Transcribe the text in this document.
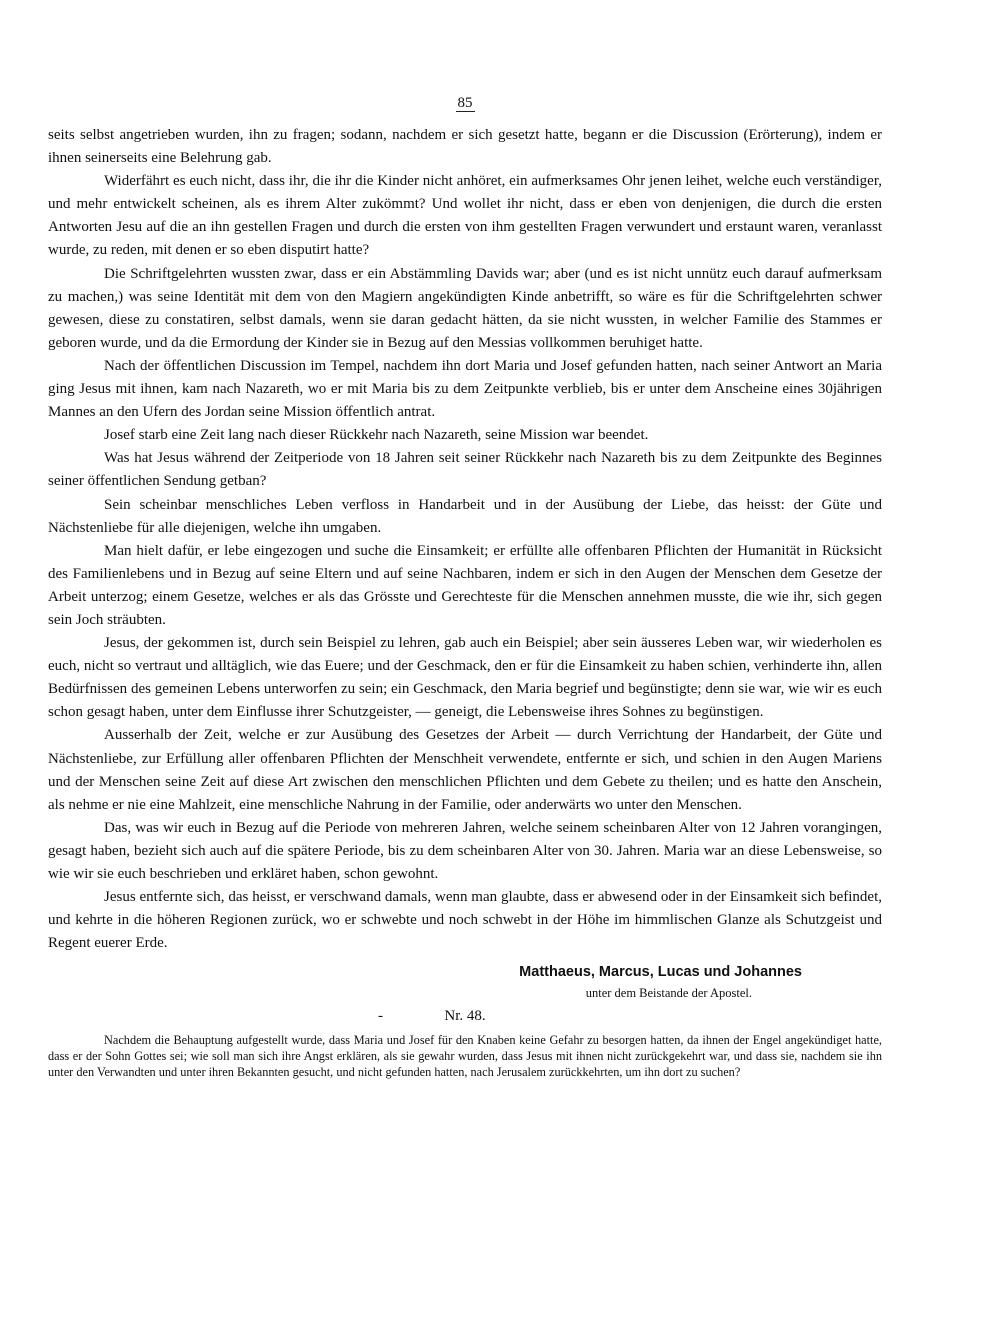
85

seits selbst angetrieben wurden, ihn zu fragen; sodann, nachdem er sich gesetzt hatte, begann er die Discussion (Erörterung), indem er ihnen seinerseits eine Belehrung gab.

Widerfährt es euch nicht, dass ihr, die ihr die Kinder nicht anhöret, ein aufmerksames Ohr jenen leihet, welche euch verständiger, und mehr entwickelt scheinen, als es ihrem Alter zukömmt? Und wollet ihr nicht, dass er eben von denjenigen, die durch die ersten Antworten Jesu auf die an ihn gestellen Fragen und durch die ersten von ihm gestellten Fragen verwundert und erstaunt waren, veranlasst wurde, zu reden, mit denen er so eben disputirt hatte?

Die Schriftgelehrten wussten zwar, dass er ein Abstämmling Davids war; aber (und es ist nicht unnütz euch darauf aufmerksam zu machen,) was seine Identität mit dem von den Magiern angekündigten Kinde anbetrifft, so wäre es für die Schriftgelehrten schwer gewesen, diese zu constatiren, selbst damals, wenn sie daran gedacht hätten, da sie nicht wussten, in welcher Familie des Stammes er geboren wurde, und da die Ermordung der Kinder sie in Bezug auf den Messias vollkommen beruhiget hatte.

Nach der öffentlichen Discussion im Tempel, nachdem ihn dort Maria und Josef gefunden hatten, nach seiner Antwort an Maria ging Jesus mit ihnen, kam nach Nazareth, wo er mit Maria bis zu dem Zeitpunkte verblieb, bis er unter dem Anscheine eines 30jährigen Mannes an den Ufern des Jordan seine Mission öffentlich antrat.

Josef starb eine Zeit lang nach dieser Rückkehr nach Nazareth, seine Mission war beendet.

Was hat Jesus während der Zeitperiode von 18 Jahren seit seiner Rückkehr nach Nazareth bis zu dem Zeitpunkte des Beginnes seiner öffentlichen Sendung getban?

Sein scheinbar menschliches Leben verfloss in Handarbeit und in der Ausübung der Liebe, das heisst: der Güte und Nächstenliebe für alle diejenigen, welche ihn umgaben.

Man hielt dafür, er lebe eingezogen und suche die Einsamkeit; er erfüllte alle offenbaren Pflichten der Humanität in Rücksicht des Familienlebens und in Bezug auf seine Eltern und auf seine Nachbaren, indem er sich in den Augen der Menschen dem Gesetze der Arbeit unterzog; einem Gesetze, welches er als das Grösste und Gerechteste für die Menschen annehmen musste, die wie ihr, sich gegen sein Joch sträubten.

Jesus, der gekommen ist, durch sein Beispiel zu lehren, gab auch ein Beispiel; aber sein äusseres Leben war, wir wiederholen es euch, nicht so vertraut und alltäglich, wie das Euere; und der Geschmack, den er für die Einsamkeit zu haben schien, verhinderte ihn, allen Bedürfnissen des gemeinen Lebens unterworfen zu sein; ein Geschmack, den Maria begrief und begünstigte; denn sie war, wie wir es euch schon gesagt haben, unter dem Einflusse ihrer Schutzgeister, — geneigt, die Lebensweise ihres Sohnes zu begünstigen.

Ausserhalb der Zeit, welche er zur Ausübung des Gesetzes der Arbeit — durch Verrichtung der Handarbeit, der Güte und Nächstenliebe, zur Erfüllung aller offenbaren Pflichten der Menschheit verwendete, entfernte er sich, und schien in den Augen Mariens und der Menschen seine Zeit auf diese Art zwischen den menschlichen Pflichten und dem Gebete zu theilen; und es hatte den Anschein, als nehme er nie eine Mahlzeit, eine menschliche Nahrung in der Familie, oder anderwärts wo unter den Menschen.

Das, was wir euch in Bezug auf die Periode von mehreren Jahren, welche seinem scheinbaren Alter von 12 Jahren vorangingen, gesagt haben, bezieht sich auch auf die spätere Periode, bis zu dem scheinbaren Alter von 30. Jahren. Maria war an diese Lebensweise, so wie wir sie euch beschrieben und erkläret haben, schon gewohnt.

Jesus entfernte sich, das heisst, er verschwand damals, wenn man glaubte, dass er abwesend oder in der Einsamkeit sich befindet, und kehrte in die höheren Regionen zurück, wo er schwebte und noch schwebt in der Höhe im himmlischen Glanze als Schutzgeist und Regent euerer Erde.

Matthaeus, Marcus, Lucas und Johannes
unter dem Beistande der Apostel.
-	Nr. 48.

Nachdem die Behauptung aufgestellt wurde, dass Maria und Josef für den Knaben keine Gefahr zu besorgen hatten, da ihnen der Engel angekündiget hatte, dass er der Sohn Gottes sei; wie soll man sich ihre Angst erklären, als sie gewahr wurden, dass Jesus mit ihnen nicht zurückgekehrt war, und dass sie, nachdem sie ihn unter den Verwandten und unter ihren Bekannten gesucht, und nicht gefunden hatten, nach Jerusalem zurückkehrten, um ihn dort zu suchen?
